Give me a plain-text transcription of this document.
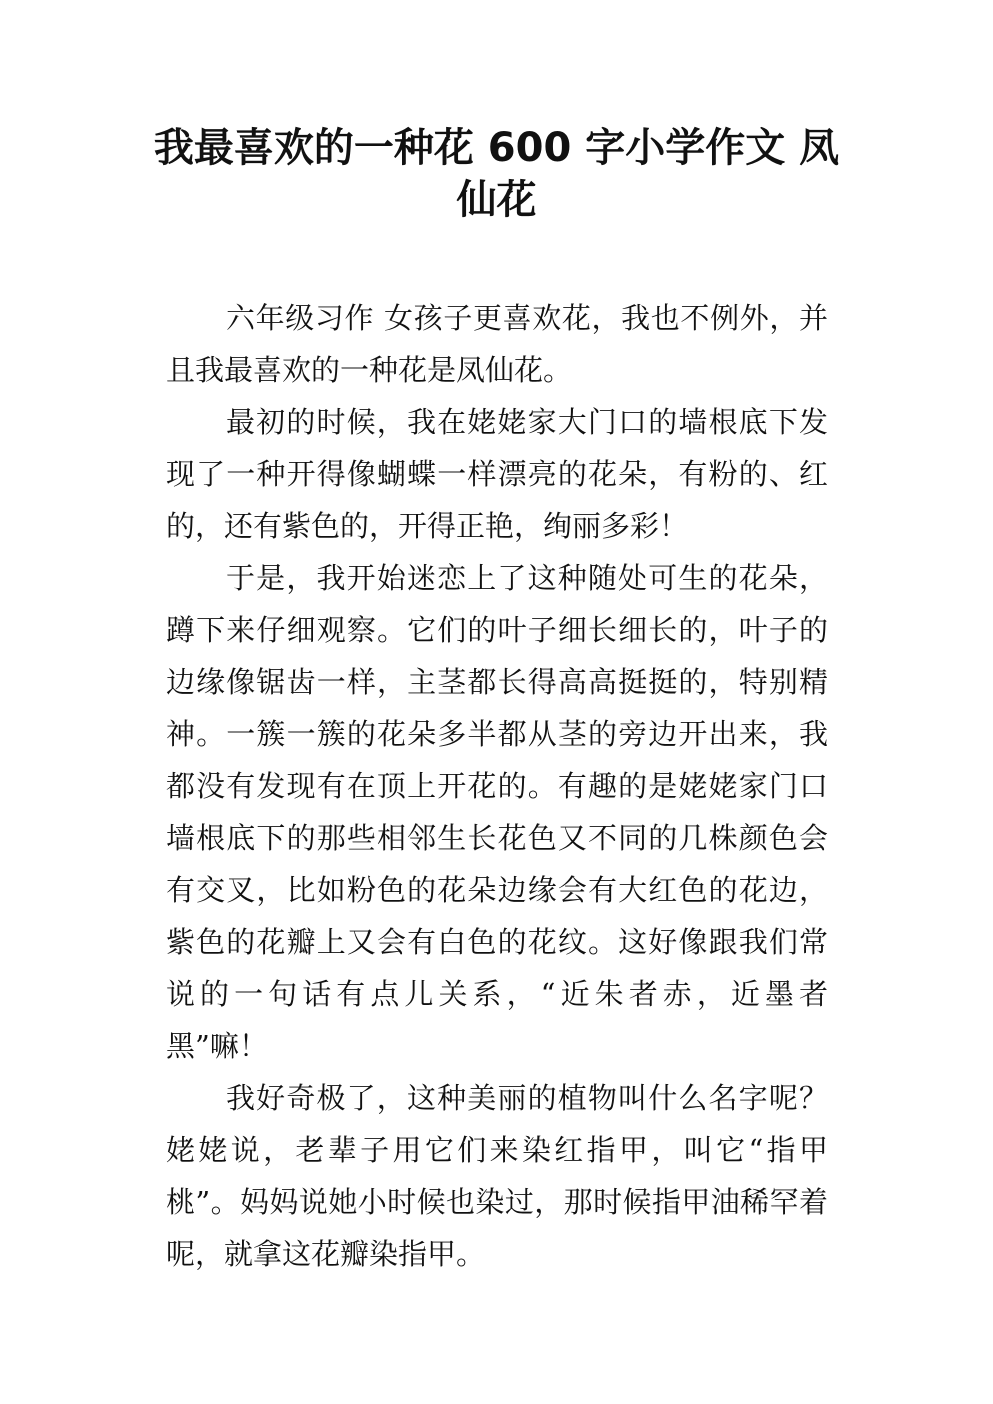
我最喜欢的一种花 600 字小学作文 凤
仙花

六年级习作 女孩子更喜欢花，我也不例外，并且我最喜欢的一种花是凤仙花。

最初的时候，我在姥姥家大门口的墙根底下发现了一种开得像蝴蝶一样漂亮的花朵，有粉的、红的，还有紫色的，开得正艳，绚丽多彩！

于是，我开始迷恋上了这种随处可生的花朵，蹲下来仔细观察。它们的叶子细长细长的，叶子的边缘像锯齿一样，主茎都长得高高挺挺的，特别精神。一簇一簇的花朵多半都从茎的旁边开出来，我都没有发现有在顶上开花的。有趣的是姥姥家门口墙根底下的那些相邻生长花色又不同的几株颜色会有交叉，比如粉色的花朵边缘会有大红色的花边，紫色的花瓣上又会有白色的花纹。这好像跟我们常说的一句话有点儿关系，“近朱者赤，近墨者黑”嘛！

我好奇极了，这种美丽的植物叫什么名字呢？姥姥说，老辈子用它们来染红指甲，叫它“指甲桃”。妈妈说她小时候也染过，那时候指甲油稀罕着呢，就拿这花瓣染指甲。
